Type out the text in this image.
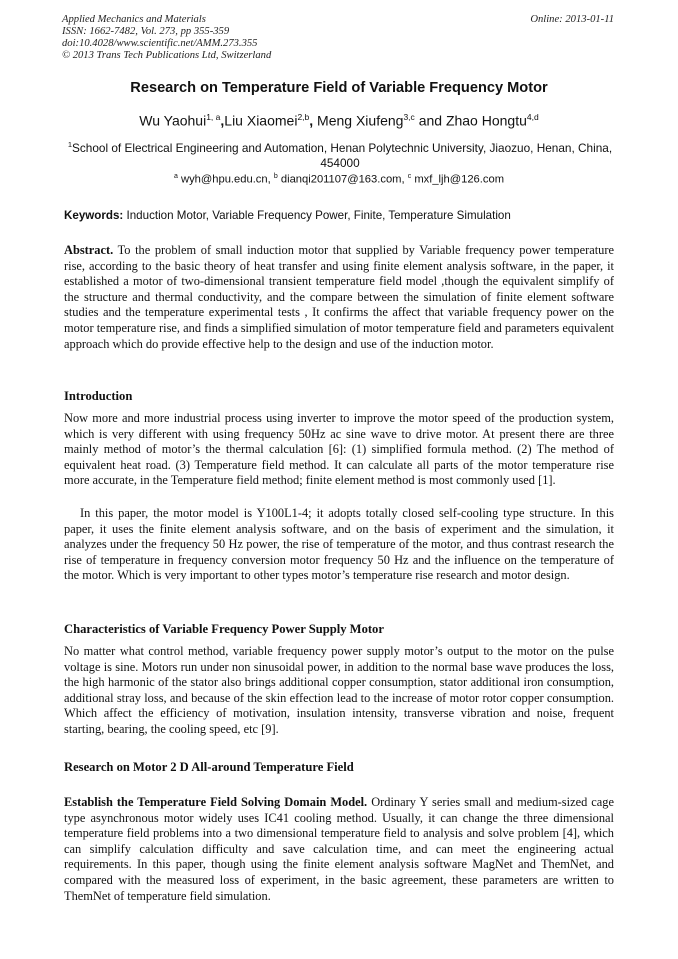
Applied Mechanics and Materials
ISSN: 1662-7482, Vol. 273, pp 355-359
doi:10.4028/www.scientific.net/AMM.273.355
© 2013 Trans Tech Publications Ltd, Switzerland
Online: 2013-01-11
Research on Temperature Field of Variable Frequency Motor
Wu Yaohui$^{1, a}$,Liu Xiaomei$^{2,b}$, Meng Xiufeng$^{3,c}$ and Zhao Hongtu$^{4,d}$
$^1$School of Electrical Engineering and Automation, Henan Polytechnic University, Jiaozuo, Henan, China, 454000
$^a$ wyh@hpu.edu.cn, $^b$ dianqi201107@163.com, $^c$ mxf_ljh@126.com
Keywords: Induction Motor, Variable Frequency Power, Finite, Temperature Simulation

Abstract. To the problem of small induction motor that supplied by Variable frequency power temperature rise, according to the basic theory of heat transfer and using finite element analysis software, in the paper, it established a motor of two-dimensional transient temperature field model ,though the equivalent simplify of the structure and thermal conductivity, and the compare between the simulation of finite element software studies and the temperature experimental tests , It confirms the affect that variable frequency power on the motor temperature rise, and finds a simplified simulation of motor temperature field and parameters equivalent approach which do provide effective help to the design and use of the induction motor.

Introduction

Now more and more industrial process using inverter to improve the motor speed of the production system, which is very different with using frequency 50Hz ac sine wave to drive motor. At present there are three mainly method of motor’s the thermal calculation [6]: (1) simplified formula method. (2) The method of equivalent heat road. (3) Temperature field method. It can calculate all parts of the motor temperature rise more accurate, in the Temperature field method; finite element method is most commonly used [1].

In this paper, the motor model is Y100L1-4; it adopts totally closed self-cooling type structure. In this paper, it uses the finite element analysis software, and on the basis of experiment and the simulation, it analyzes under the frequency 50 Hz power, the rise of temperature of the motor, and thus contrast research the rise of temperature in frequency conversion motor frequency 50 Hz and the influence on the temperature of the motor. Which is very important to other types motor’s temperature rise research and motor design.

Characteristics of Variable Frequency Power Supply Motor

No matter what control method, variable frequency power supply motor’s output to the motor on the pulse voltage is sine. Motors run under non sinusoidal power, in addition to the normal base wave produces the loss, the high harmonic of the stator also brings additional copper consumption, stator additional iron consumption, additional stray loss, and because of the skin effection lead to the increase of motor rotor copper consumption. Which affect the efficiency of motivation, insulation intensity, transverse vibration and noise, frequent starting, bearing, the cooling speed, etc [9].

Research on Motor 2 D All-around Temperature Field

Establish the Temperature Field Solving Domain Model. Ordinary Y series small and medium-sized cage type asynchronous motor widely uses IC41 cooling method. Usually, it can change the three dimensional temperature field problems into a two dimensional temperature field to analysis and solve problem [4], which can simplify calculation difficulty and save calculation time, and can meet the engineering actual requirements. In this paper, though using the finite element analysis software MagNet and ThemNet, and compared with the measured loss of experiment, in the basic agreement, these parameters are written to ThemNet of temperature field simulation.
